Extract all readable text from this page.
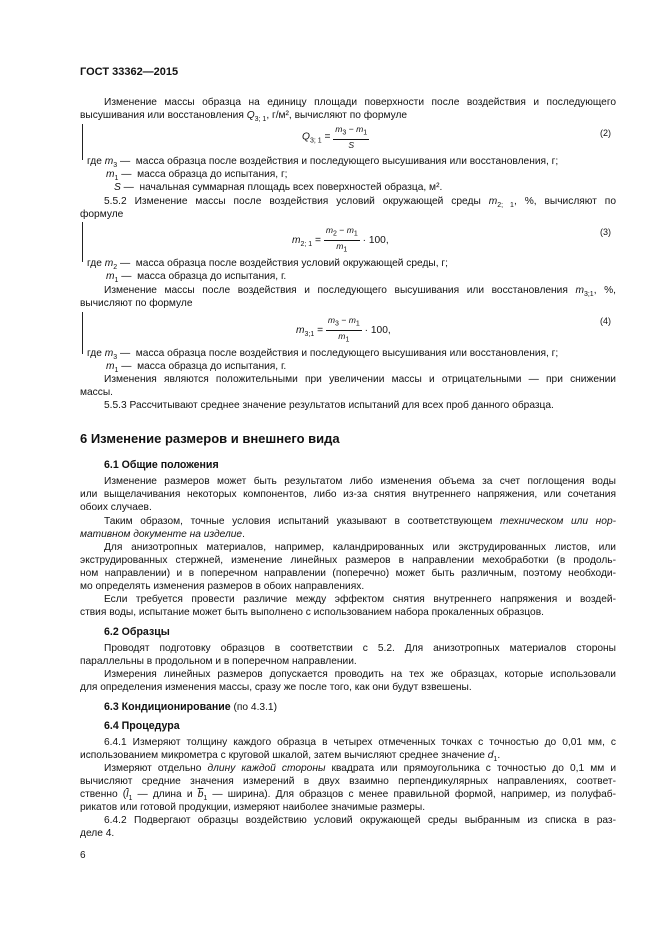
ГОСТ 33362—2015
Изменение массы образца на единицу площади поверхности после воздействия и последующего
высушивания или восстановления $Q_{3; 1}$, г/м², вычисляют по формуле
$Q_{3; 1} = \frac{m_3 - m_1}{S}$	(2)
где $m_3$ —  масса образца после воздействия и последующего высушивания или восстановления, г;
$m_1$ —  масса образца до испытания, г;
S —  начальная суммарная площадь всех поверхностей образца, м².
5.5.2 Изменение массы после воздействия условий окружающей среды $m_{2; 1}$, %, вычисляют по
формуле
$m_{2; 1} = \frac{m_2 - m_1}{m_1} \cdot 100$,
(3)
где $m_2$ —  масса образца после воздействия условий окружающей среды, г;
$m_1$ —  масса образца до испытания, г.
Изменение массы после воздействия и последующего высушивания или восстановления $m_{3;1}$, %,
вычисляют по формуле
$m_{3;1} = \frac{m_3 - m_1}{m_1} \cdot 100$,
(4)
где $m_3$ —  масса образца после воздействия и последующего высушивания или восстановления, г;
$m_1$ —  масса образца до испытания, г.
Изменения являются положительными при увеличении массы и отрицательными — при снижении
массы.
5.5.3 Рассчитывают среднее значение результатов испытаний для всех проб данного образца.
6 Изменение размеров и внешнего вида
6.1 Общие положения
Изменение размеров может быть результатом либо изменения объема за счет поглощения воды
или выщелачивания некоторых компонентов, либо из-за снятия внутреннего напряжения, или сочетания
обоих случаев.
Таким образом, точные условия испытаний указывают в соответствующем техническом или нор-
мативном документе на изделие.
Для анизотропных материалов, например, каландрированных или экструдированных листов, или
экструдированных стержней, изменение линейных размеров в направлении мехобработки (в продоль-
ном направлении) и в поперечном направлении (поперечно) может быть различным, поэтому необходи-
мо определять изменения размеров в обоих направлениях.
Если требуется провести различие между эффектом снятия внутреннего напряжения и воздей-
ствия воды, испытание может быть выполнено с использованием набора прокаленных образцов.
6.2 Образцы
Проводят подготовку образцов в соответствии с 5.2. Для анизотропных материалов стороны
параллельны в продольном и в поперечном направлении.
Измерения линейных размеров допускается проводить на тех же образцах, которые использовали
для определения изменения массы, сразу же после того, как они будут взвешены.
6.3 Кондиционирование (по 4.3.1)
6.4 Процедура
6.4.1 Измеряют толщину каждого образца в четырех отмеченных точках с точностью до 0,01 мм, с
использованием микрометра с круговой шкалой, затем вычисляют среднее значение $d_1$.
Измеряют отдельно длину каждой стороны квадрата или прямоугольника с точностью до 0,1 мм и
вычисляют средние значения измерений в двух взаимно перпендикулярных направлениях, соответ-
ственно ($\overline{l}_1$ — длина и $\overline{b}_1$ — ширина). Для образцов с менее правильной формой, например, из полуфаб-
рикатов или готовой продукции, измеряют наиболее значимые размеры.
6.4.2 Подвергают образцы воздействию условий окружающей среды выбранным из списка в раз-
деле 4.
6
